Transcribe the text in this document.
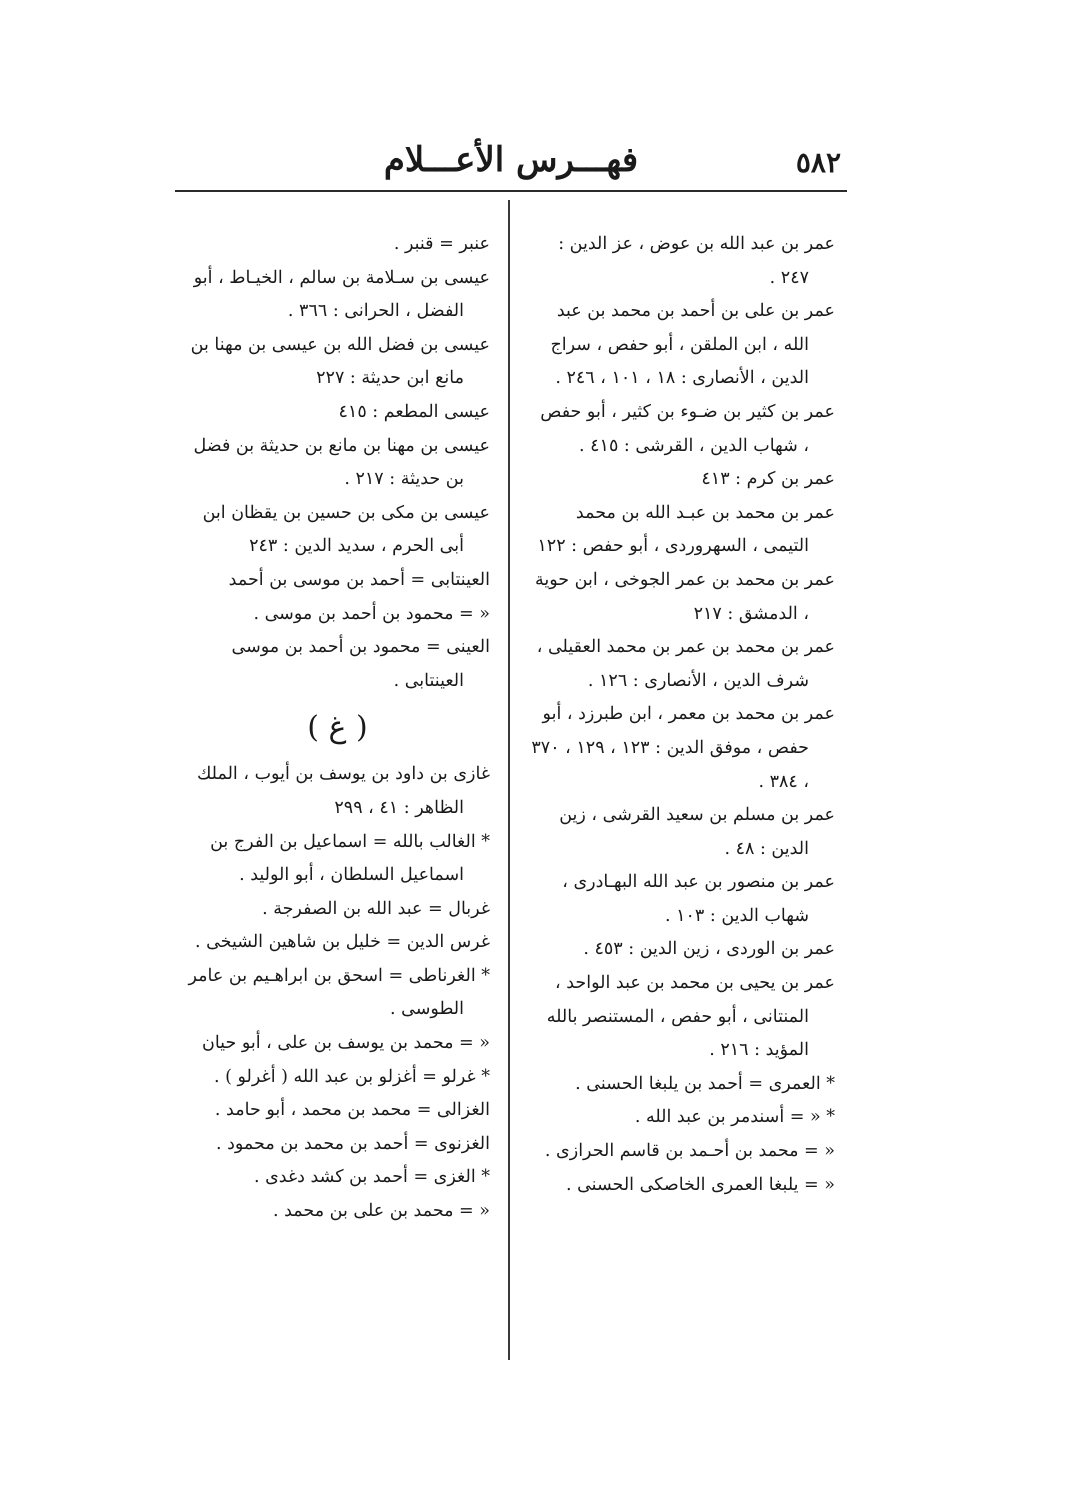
٥٨٢
فهـــرس الأعـــلام

عمر بن عبد الله بن عوض ، عز الدين : ٢٤٧ .

عمر بن على بن أحمد بن محمد بن عبد الله ، ابن الملقن ، أبو حفص ، سراج الدين ، الأنصارى : ١٨ ، ١٠١ ، ٢٤٦ .

عمر بن كثير بن ضـوء بن كثير ، أبو حفص ، شهاب الدين ، القرشى : ٤١٥ .

عمر بن كرم : ٤١٣

عمر بن محمد بن عبـد الله بن محمد التيمى ، السهروردى ، أبو حفص : ١٢٢

عمر بن محمد بن عمر الجوخى ، ابن حوية ، الدمشق : ٢١٧

عمر بن محمد بن عمر بن محمد العقيلى ، شرف الدين ، الأنصارى : ١٢٦ .

عمر بن محمد بن معمر ، ابن طبرزد ، أبو حفص ، موفق الدين : ١٢٣ ، ١٢٩ ، ٣٧٠ ، ٣٨٤ .

عمر بن مسلم بن سعيد القرشى ، زين الدين : ٤٨ .

عمر بن منصور بن عبد الله البهـادرى ، شهاب الدين : ١٠٣ .

عمر بن الوردى ، زين الدين : ٤٥٣ .

عمر بن يحيى بن محمد بن عبد الواحد ، المنتانى ، أبو حفص ، المستنصر بالله المؤيد : ٢١٦ .

* العمرى = أحمد بن يلبغا الحسنى .

* « = أسندمر بن عبد الله .

« = محمد بن أحـمد بن قاسم الحرازى .

« = يلبغا العمرى الخاصكى الحسنى .

عنبر = قنبر .

عيسى بن سـلامة بن سالم ، الخيـاط ، أبو الفضل ، الحرانى : ٣٦٦ .

عيسى بن فضل الله بن عيسى بن مهنا بن مانع ابن حديثة : ٢٢٧

عيسى المطعم : ٤١٥

عيسى بن مهنا بن مانع بن حديثة بن فضل بن حديثة : ٢١٧ .

عيسى بن مكى بن حسين بن يقظان ابن أبى الحرم ، سديد الدين : ٢٤٣

العينتابى = أحمد بن موسى بن أحمد

« = محمود بن أحمد بن موسى .

العينى = محمود بن أحمد بن موسى العينتابى .

( غ )

غازى بن داود بن يوسف بن أيوب ، الملك الظاهر : ٤١ ، ٢٩٩

* الغالب بالله = اسماعيل بن الفرج بن اسماعيل السلطان ، أبو الوليد .

غربال = عبد الله بن الصفرجة .

غرس الدين = خليل بن شاهين الشيخى .

* الغرناطى = اسحق بن ابراهـيم بن عامر الطوسى .

« = محمد بن يوسف بن على ، أبو حيان

* غرلو = أغزلو بن عبد الله ( أغرلو ) .

الغزالى = محمد بن محمد ، أبو حامد .

الغزنوى = أحمد بن محمد بن محمود .

* الغزى = أحمد بن كشد دغدى .

« = محمد بن على بن محمد .
